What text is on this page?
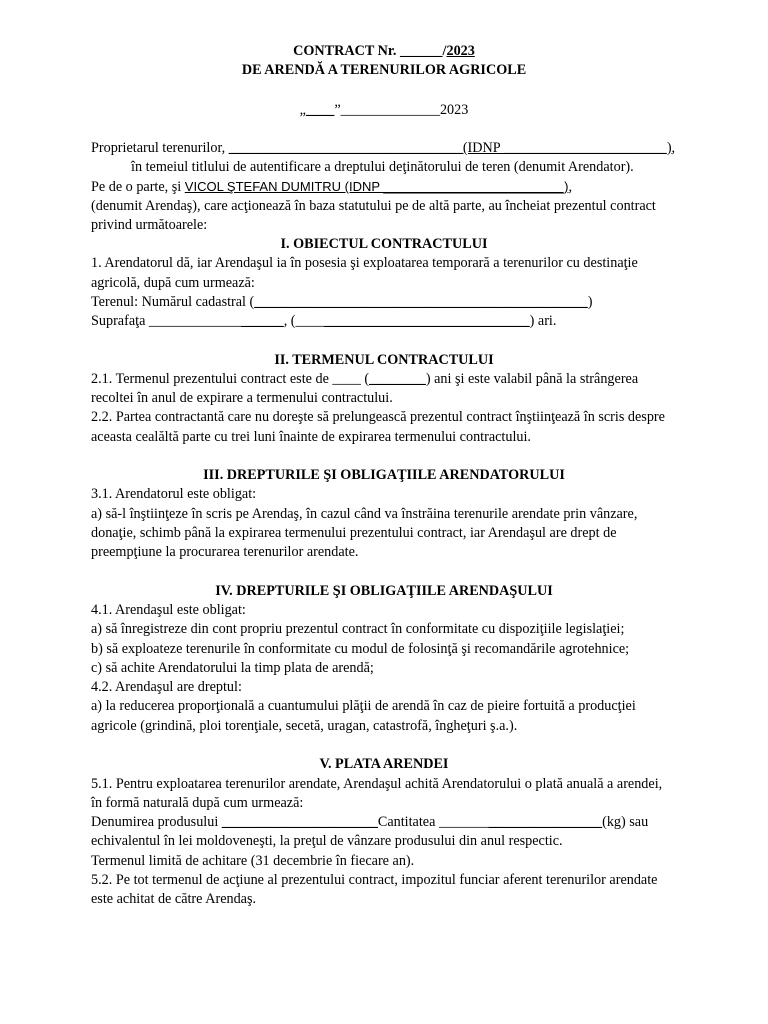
CONTRACT Nr. ______/2023
DE ARENDĂ A TERENURILOR AGRICOLE
„____”______________2023
Proprietarul terenurilor, _________________________________(IDNP _______________________),
în temeiul titlului de autentificare a dreptului deţinătorului de teren (denumit Arendator).
Pe de o parte, şi VICOL ŞTEFAN DUMITRU (IDNP _________________________),
(denumit Arendaş), care acţionează în baza statutului pe de altă parte, au încheiat prezentul contract
privind următoarele:
I. OBIECTUL CONTRACTULUI
1. Arendatorul dă, iar Arendaşul ia în posesia şi exploatarea temporară a terenurilor cu destinaţie
agricolă, după cum urmează:
Terenul: Numărul cadastral (_______________________________________________)
Suprafaţa ___________________, (_________________________________) ari.
II. TERMENUL CONTRACTULUI
2.1. Termenul prezentului contract este de ____ (________) ani şi este valabil până la strângerea
recoltei în anul de expirare a termenului contractului.
2.2. Partea contractantă care nu doreşte să prelungească prezentul contract înştiinţează în scris despre
aceasta cealăltă parte cu trei luni înainte de expirarea termenului contractului.
III. DREPTURILE ŞI OBLIGAŢIILE ARENDATORULUI
3.1. Arendatorul este obligat:
a) să-l înştiinţeze în scris pe Arendaş, în cazul când va înstrăina terenurile arendate prin vânzare,
donaţie, schimb până la expirarea termenului prezentului contract, iar Arendaşul are drept de
preempţiune la procurarea terenurilor arendate.
IV. DREPTURILE ŞI OBLIGAŢIILE ARENDAŞULUI
4.1. Arendaşul este obligat:
a) să înregistreze din cont propriu prezentul contract în conformitate cu dispoziţiile legislaţiei;
b) să exploateze terenurile în conformitate cu modul de folosinţă şi recomandările agrotehnice;
c) să achite Arendatorului la timp plata de arendă;
4.2. Arendaşul are dreptul:
a) la reducerea proporţională a cuantumului plăţii de arendă în caz de pieire fortuită a producţiei
agricole (grindină, ploi torenţiale, secetă, uragan, catastrofă, îngheţuri ş.a.).
V. PLATA ARENDEI
5.1. Pentru exploatarea terenurilor arendate, Arendaşul achită Arendatorului o plată anuală a arendei,
în formă naturală după cum urmează:
Denumirea produsului ______________________Cantitatea _______________________(kg) sau
echivalentul în lei moldoveneşti, la preţul de vânzare produsului din anul respectic.
Termenul limită de achitare (31 decembrie în fiecare an).
5.2. Pe tot termenul de acţiune al prezentului contract, impozitul funciar aferent terenurilor arendate
este achitat de către Arendaş.
